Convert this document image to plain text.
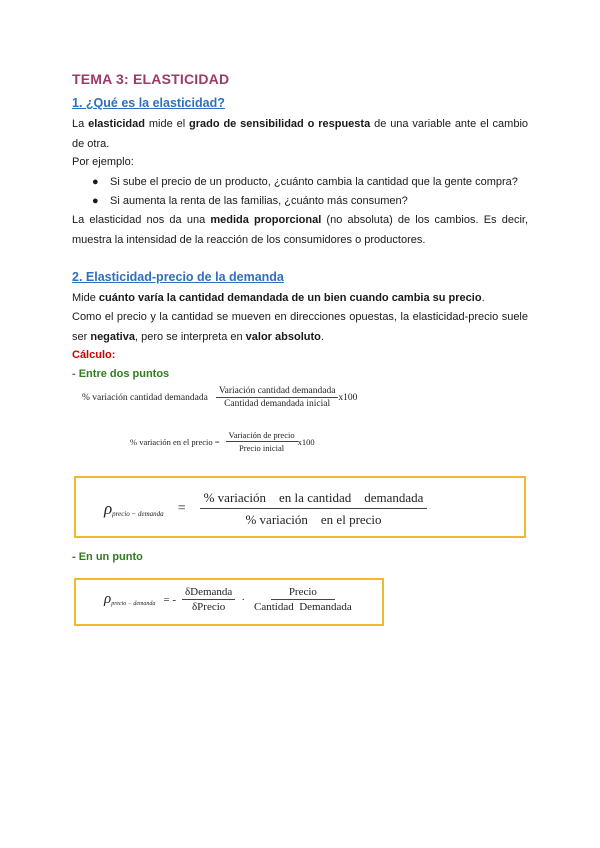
TEMA 3: ELASTICIDAD
1. ¿Qué es la elasticidad?
La elasticidad mide el grado de sensibilidad o respuesta de una variable ante el cambio de otra.
Por ejemplo:
● Si sube el precio de un producto, ¿cuánto cambia la cantidad que la gente compra?
● Si aumenta la renta de las familias, ¿cuánto más consumen?
La elasticidad nos da una medida proporcional (no absoluta) de los cambios. Es decir, muestra la intensidad de la reacción de los consumidores o productores.
2. Elasticidad-precio de la demanda
Mide cuánto varía la cantidad demandada de un bien cuando cambia su precio.
Como el precio y la cantidad se mueven en direcciones opuestas, la elasticidad-precio suele ser negativa, pero se interpreta en valor absoluto.
Cálculo:
- Entre dos puntos
% variación cantidad demandada $\frac{\text{Variación cantidad demandada}}{\text{Cantidad demandada inicial}} x100$
% variación en el precio = $\frac{\text{Variación de precio}}{\text{Precio inicial}} x100$
ρ precio − demanda = $\frac{\text{\% variación    en la cantidad    demandada}}{\text{\% variación    en el precio}}$
- En un punto
ρ precio − demanda = - $\frac{\text{δDemanda}}{\text{δPrecio}} \cdot \frac{\text{Precio}}{\text{Cantidad  Demandada}}$
